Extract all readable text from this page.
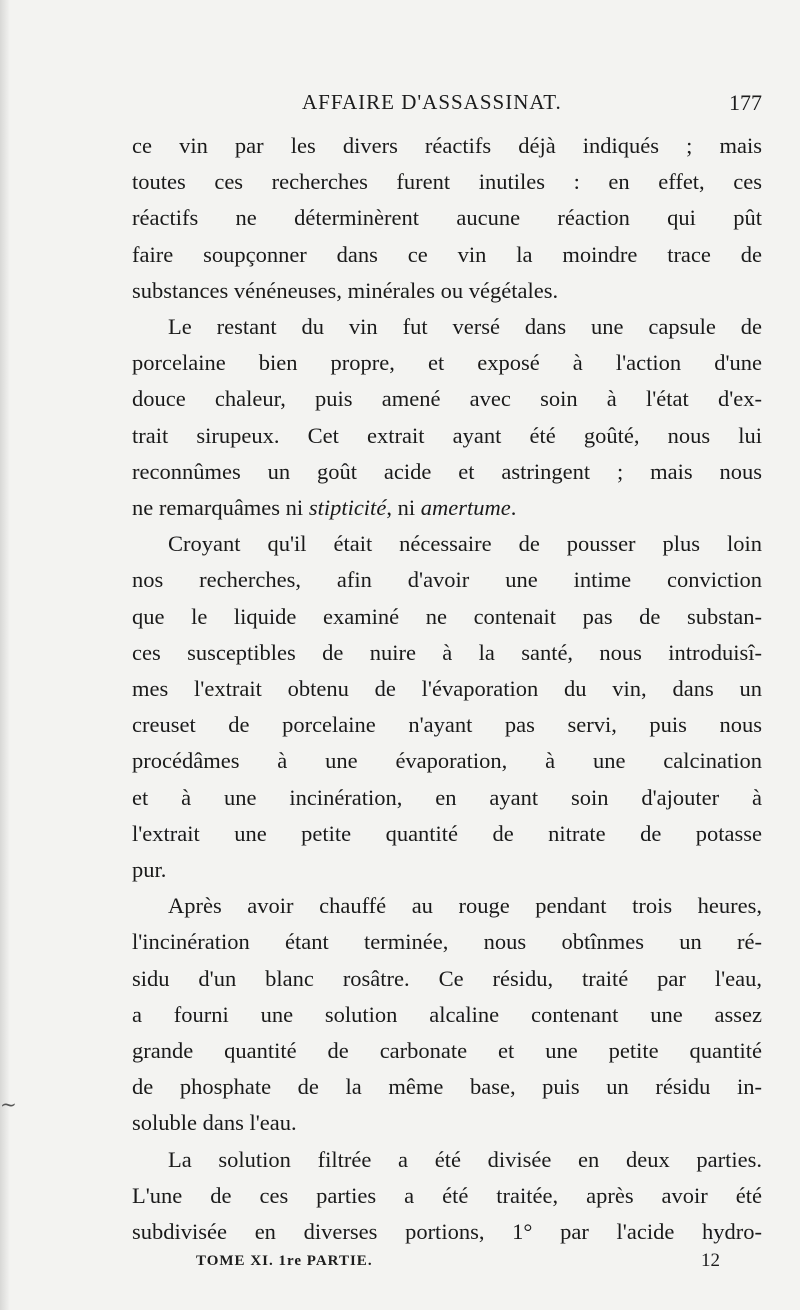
~
AFFAIRE D'ASSASSINAT.	177

ce vin par les divers réactifs déjà indiqués ; mais
toutes ces recherches furent inutiles : en effet, ces
réactifs ne déterminèrent aucune réaction qui pût
faire soupçonner dans ce vin la moindre trace de
substances vénéneuses, minérales ou végétales.

Le restant du vin fut versé dans une capsule de
porcelaine bien propre, et exposé à l'action d'une
douce chaleur, puis amené avec soin à l'état d'ex-
trait sirupeux. Cet extrait ayant été goûté, nous lui
reconnûmes un goût acide et astringent ; mais nous
ne remarquâmes ni stipticité, ni amertume.

Croyant qu'il était nécessaire de pousser plus loin
nos recherches, afin d'avoir une intime conviction
que le liquide examiné ne contenait pas de substan-
ces susceptibles de nuire à la santé, nous introduisî-
mes l'extrait obtenu de l'évaporation du vin, dans un
creuset de porcelaine n'ayant pas servi, puis nous
procédâmes à une évaporation, à une calcination
et à une incinération, en ayant soin d'ajouter à
l'extrait une petite quantité de nitrate de potasse
pur.

Après avoir chauffé au rouge pendant trois heures,
l'incinération étant terminée, nous obtînmes un ré-
sidu d'un blanc rosâtre. Ce résidu, traité par l'eau,
a fourni une solution alcaline contenant une assez
grande quantité de carbonate et une petite quantité
de phosphate de la même base, puis un résidu in-
soluble dans l'eau.

La solution filtrée a été divisée en deux parties.
L'une de ces parties a été traitée, après avoir été
subdivisée en diverses portions, 1° par l'acide hydro-

TOME XI. 1re PARTIE.	12
